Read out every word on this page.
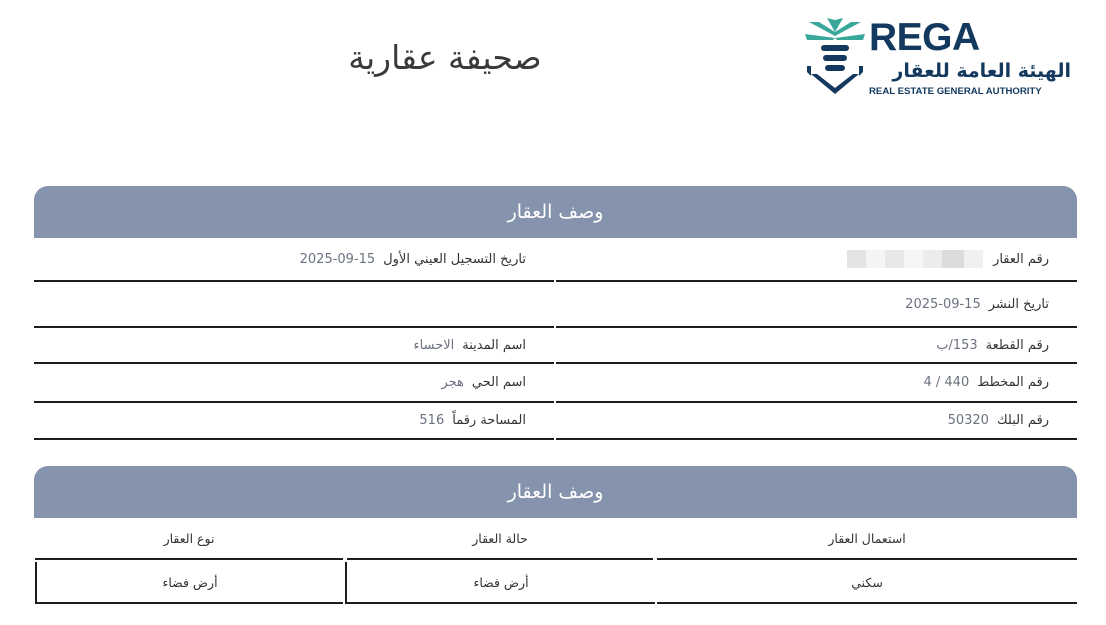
صحيفة عقارية	REGA
الهيئة العامة للعقار
REAL ESTATE GENERAL AUTHORITY
وصف العقار
رقم العقار
تاريخ التسجيل العيني الأول
2025-09-15
تاريخ النشر
2025-09-15
رقم القطعة
153/ب
اسم المدينة
الاحساء
رقم المخطط
440 / 4
اسم الحي
هجر
رقم البلك
50320
المساحة رقماً
516
وصف العقار
استعمال العقار
حالة العقار
نوع العقار
سكني
أرض فضاء
أرض فضاء
